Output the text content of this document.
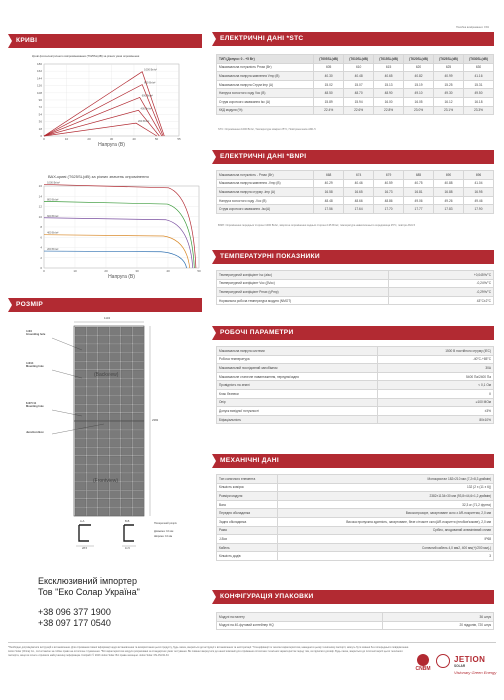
КРИВІ
Крові фотоелектричного випромінювання (T625SL(dB) за різних умов опромінення
0
18
36
54
72
90
108
126
144
162
180
0	10	20	30	40	50	55
Напруга (В)
1000 Вт/м²
800 Вт/м²
600 Вт/м²
400 Вт/м²
200 Вт/м²
ВАХ-криві (T625SL(dB) за різних значень опромінення
0
2
4
6
8
10
12
14
16
0	10	20	30	40	50
Напруга (В)
1000 Вт/м²
800 Вт/м²
600 Вт/м²
400 Вт/м²
200 Вт/м²
РОЗМІР
(Backview)
(Frontview)
1134
2382
4-Φ4
Grounding hole
4-Φ14
Mounting hole
8-Φ7×11
Mounting hole
Junction Box
A-A	B-B
28.5	11.5
Поперечний розріз
Довжина: ±2 мм
Ширина: ±2 мм
Ексклюзивний імпортер
Тов "Еко Солар Україна"
+38 096 377 1900
+38 097 177 0540
Похибка вимірювання: ±3%
ЕЛЕКТРИЧНІ ДАНІ *STC
ТИП (Допуск: 0 - +5 Вт)	(T605SL(dB)	(T610SL(dB)	(T615SL(dB)	(T620SL(dB)	(T625SL(dB)	(T630SL(dB)
Максимальна потужність Pmax (Вт)	605	610	615	620	625	630
Максимальна напруга живлення Vmp (В)	40.30	40.48	40.65	40.82	40.99	41.16
Максимальна напруга Струм Imp (А)	15.02	15.07	15.13	15.19	15.25	15.31
Напруга холостого ходу Voc (В)	48.50	48.70	48.90	49.10	49.30	49.50
Струм короткого замикання Isc (А)	15.89	15.94	16.00	16.05	16.12	16.18
ККД модуля (%)	22.4%	22.6%	22.8%	23.0%	23.1%	23.3%
STC: Опромінення 1000 Вт/м², Температура комірки 25°С, Повітряна маса АМ1.5
ЕЛЕКТРИЧНІ ДАНІ *BNPI
Максимальна потужність - Pmax (Вт)	668	674	679	685	690	696
Максимальна напруга живлення -Vmp (В)	40.29	40.46	40.59	40.75	40.88	41.04
Максимальна напруга струму -Imp (А)	16.58	16.65	16.73	16.81	16.88	16.95
Напруга холостого ходу -Voc (В)	48.48	48.66	48.86	49.06	49.26	49.46
Струм короткого замикання -Isc(А)	17.56	17.64	17.70	17.77	17.83	17.90
BNPI: Опромінення передньої сторони 1000 Вт/м², зворотне опромінення задньої сторони 135 Вт/м², температура навколишнього середовища 25°С, повітря АМ1.5
ТЕМПЕРАТУРНІ ПОКАЗНИКИ
Температурний коефіцієнт Isc (alsc)	+0,045%/°С
Температурний коефіцієнт Voc (βVoc)	-0,24%/°С
Температурний коефіцієнт Pmax (γPmp)	-0,29%/°С
Нормальна робоча температура модуля (NMOT)	43°С±2°С
РОБОЧІ ПАРАМЕТРИ
Максимальна напруга системи	1500 В постійного струму (IEC)
Робоча температура	-40°С-+85°С
Максимальний послідовний запобіжник	30A
Максимальне статичне навантаження, передня/задня	5400 Па/2400 Па
Провідність на землі	< 0,1 Ом
Клас безпеки	ІІ
Опір	≥100 МОм
Допуск вихідної потужності	±3%
Біфаціальність	80±10%
МЕХАНІЧНІ ДАНІ
Тип сонячного елемента	Монокристал 182×210 мм (7,2×8,3 дюймів)
Кількість комірок	132 (2 x (11 x 6))
Розміри модуля	2382×1134×30 мм (93,8×44,6×1,2 дюймів)
Вага	32,3 кг (71,2 фунта)
Передня обкладинка	Високопрозоре, загартоване скло з AR-покриттям, 2,0 мм
Задня обкладинка	Висока пропускна здатність, загартоване, безе сітчасте скло(AR-покриття (необов'язкове), 2,0 мм
Рама	Срібло, анодований алюмінієвий сплав
J-Box	IP68
Кабель	Сонячний кабель 4,0 мм2, 400 мм(+)/200 мм(-)
Кількість додів	3
КОНФІГУРАЦІЯ УПАКОВКИ
Модулі на палету	36 штук
Модулі на 40-футовий контейнер HQ	20 піддонів, 720 штук
*Необхідно дотримуватися інструкцій з встановлення. Для отримання повної інформації щодо встановлення та використання цього продукту, будь ласка, зверніться до інструкції з встановлення та експлуатації. *Специфікації та технічні характеристики, наведені в цьому технічному паспорті, можуть бути змінені без попереднього повідомлення. Jetion Solar (China) Co., Ltd оставляє за собою право на остаточне тлумачення. *Всі характеристики модуля розраховані за стандартних умов тестування. Ви повинні звернутися до нашої компанії для отримання остаточних технічних характеристик перед тим, як підписати договір. Будь ласка, зверніться до поточної версії цього технічного паспорта, якщо ви хочете отримати найсучаснішу інформацію. Копірайт © 2023 Jetion Solar. Всі права захищені. Jetion Solar. DS-JNJ32-34
CNBM
JETION
SOLAR
Visionary Green Energy
